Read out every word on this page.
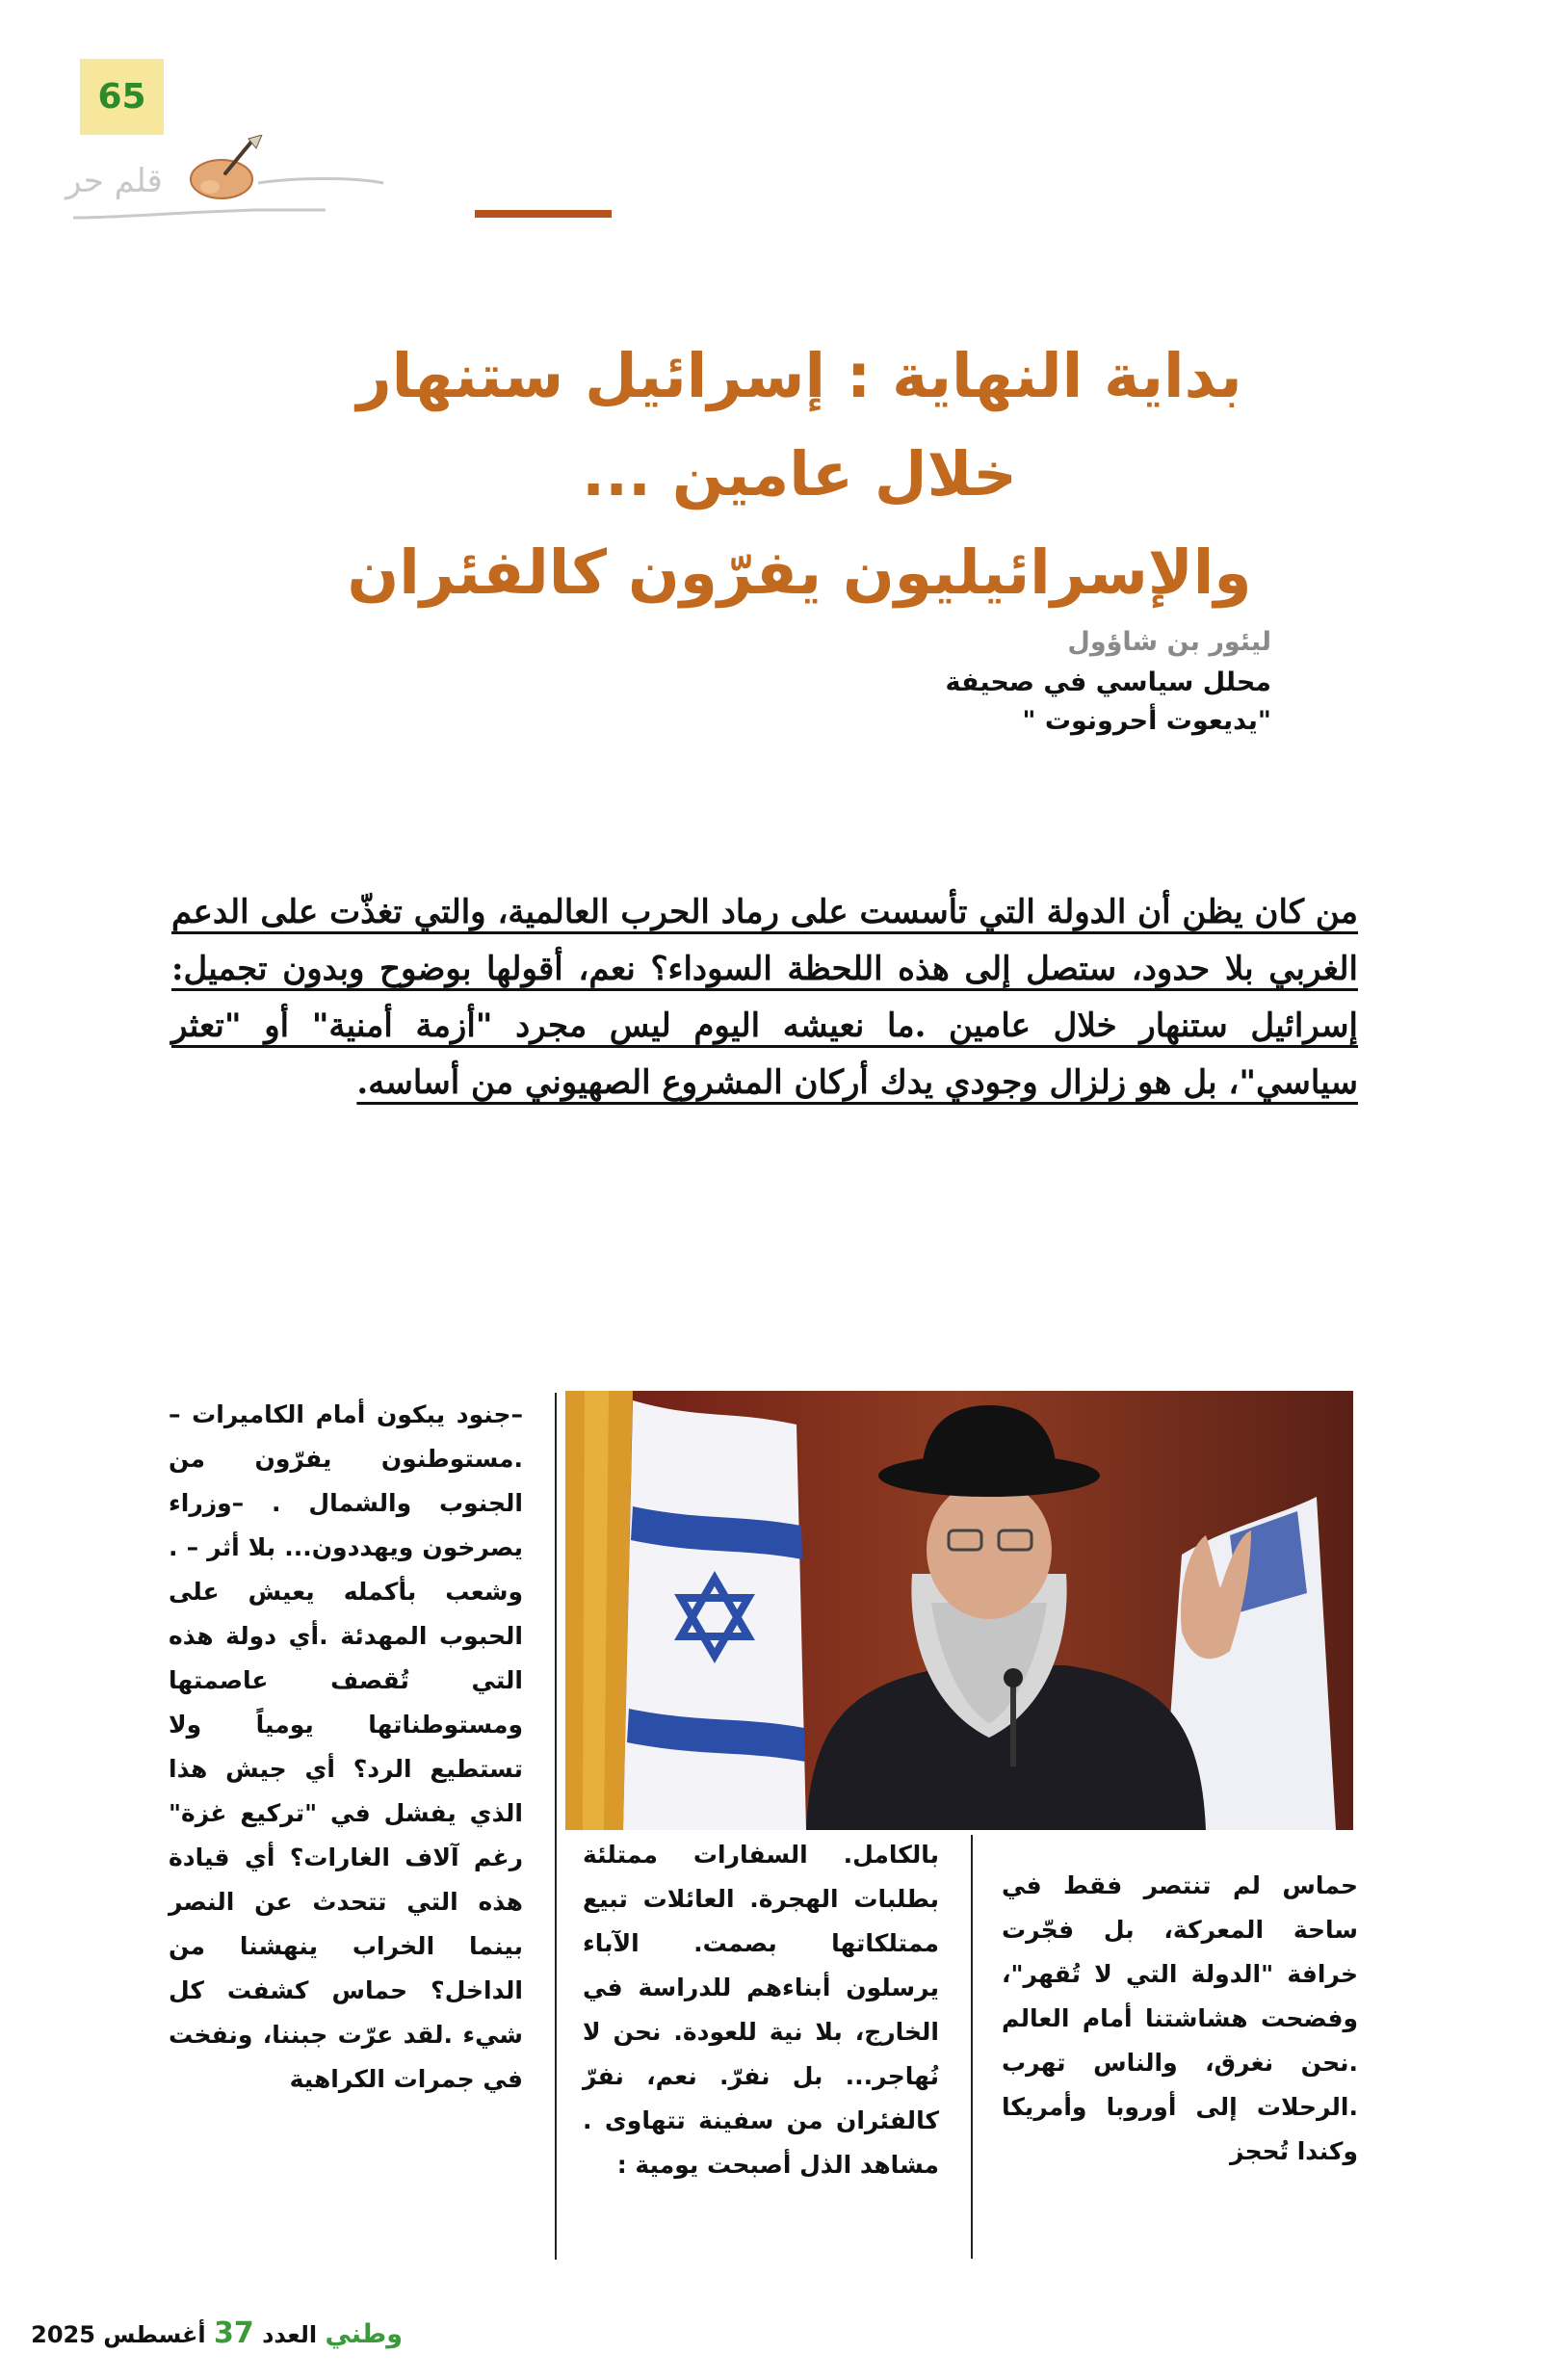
65
قلم حر
بداية النهاية : إسرائيل ستنهار
خلال عامين ...
والإسرائيليون يفرّون كالفئران
ليئور بن شاؤول
محلل سياسي في صحيفة "يديعوت أحرونوت "
من كان يظن أن الدولة التي تأسست على رماد الحرب العالمية، والتي تغذّت على الدعم الغربي بلا حدود، ستصل إلى هذه اللحظة السوداء؟ نعم، أقولها بوضوح وبدون تجميل: إسرائيل ستنهار خلال عامين .ما نعيشه اليوم ليس مجرد "أزمة أمنية" أو "تعثر سياسي"، بل هو زلزال وجودي يدك أركان المشروع الصهيوني من أساسه.
–جنود يبكون أمام الكاميرات – .مستوطنون يفرّون من الجنوب والشمال . –وزراء يصرخون ويهددون... بلا أثر – . وشعب بأكمله يعيش على الحبوب المهدئة .أي دولة هذه التي تُقصف عاصمتها ومستوطناتها يومياً ولا تستطيع الرد؟ أي جيش هذا الذي يفشل في "تركيع غزة" رغم آلاف الغارات؟ أي قيادة هذه التي تتحدث عن النصر بينما الخراب ينهشنا من الداخل؟ حماس كشفت كل شيء .لقد عرّت جبننا، ونفخت في جمرات الكراهية
بالكامل. السفارات ممتلئة بطلبات الهجرة. العائلات تبيع ممتلكاتها بصمت. الآباء يرسلون أبناءهم للدراسة في الخارج، بلا نية للعودة. نحن لا نُهاجر... بل نفرّ. نعم، نفرّ كالفئران من سفينة تتهاوى . مشاهد الذل أصبحت يومية :
حماس لم تنتصر فقط في ساحة المعركة، بل فجّرت خرافة "الدولة التي لا تُقهر"، وفضحت هشاشتنا أمام العالم .نحن نغرق، والناس تهرب .الرحلات إلى أوروبا وأمريكا وكندا تُحجز
وطني العدد 37 أغسطس 2025
